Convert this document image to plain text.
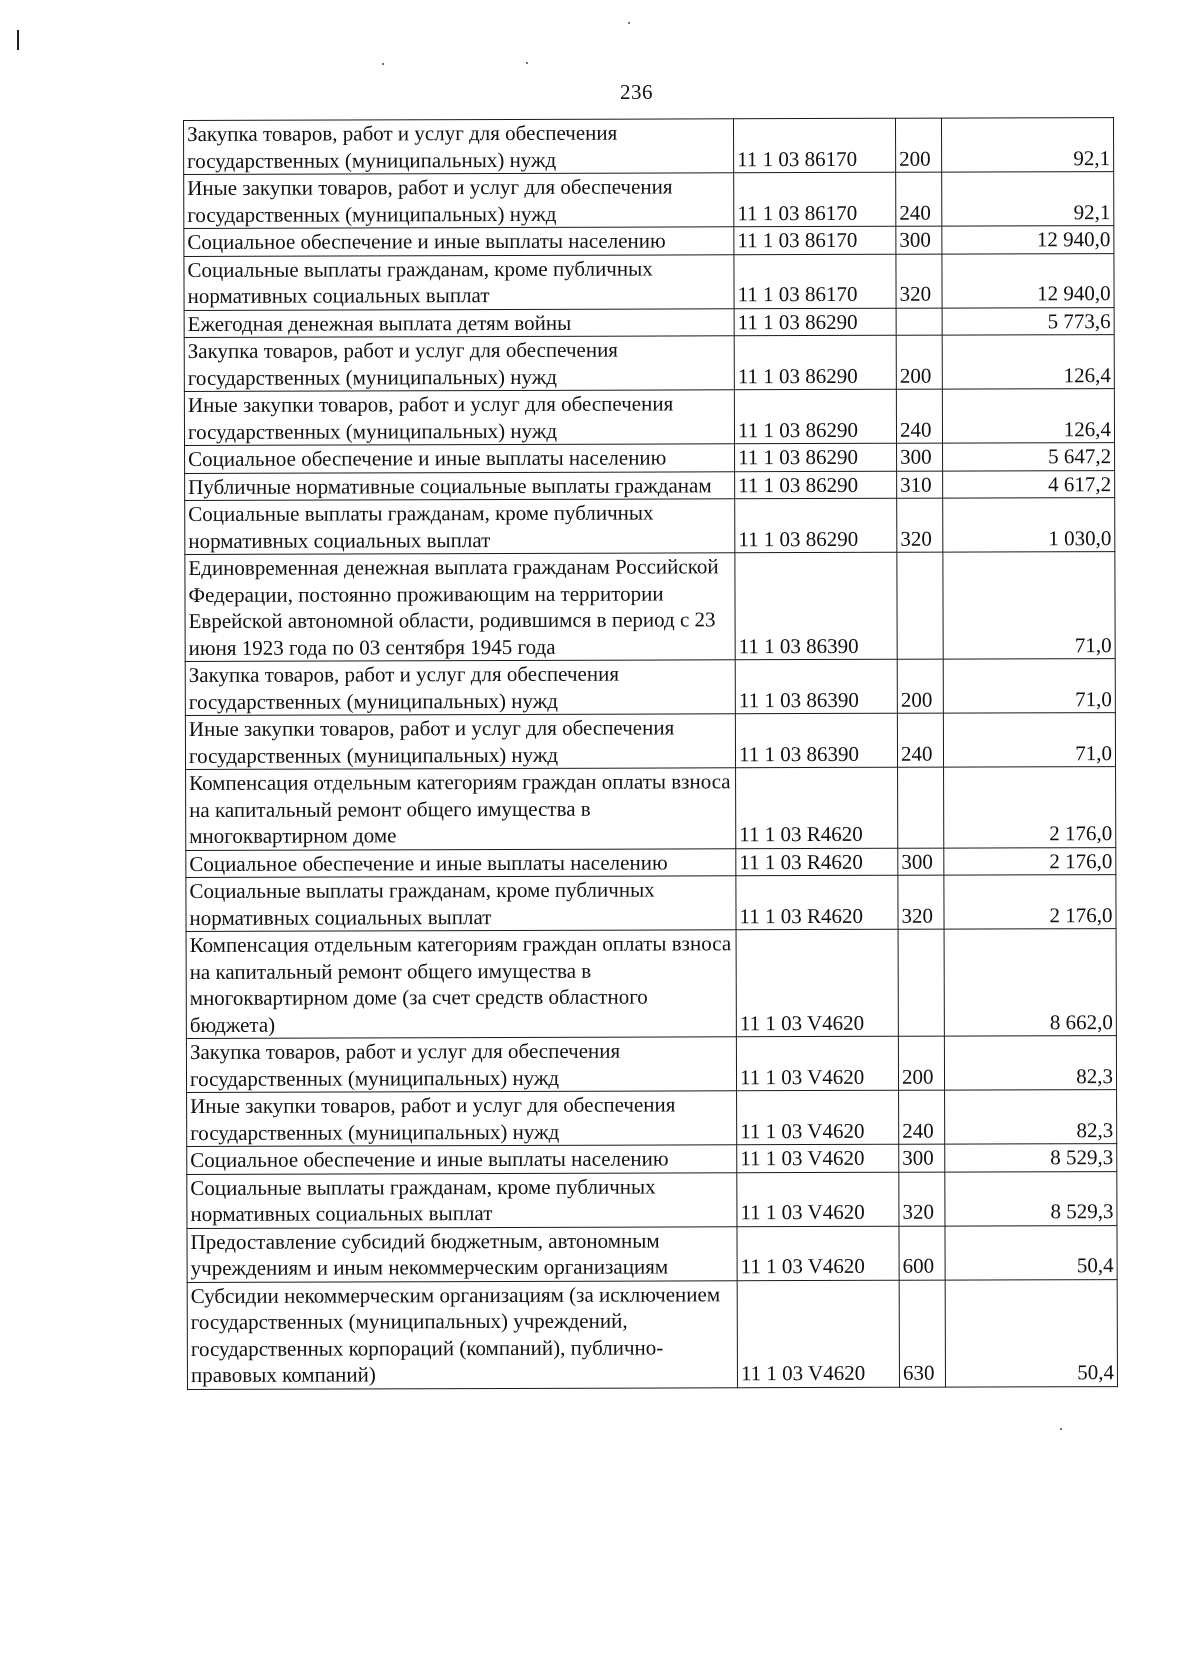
236
Закупка товаров, работ и услуг для обеспечения государственных (муниципальных) нужд	11 1 03 86170	200	92,1
Иные закупки товаров, работ и услуг для обеспечения государственных (муниципальных) нужд	11 1 03 86170	240	92,1
Социальное обеспечение и иные выплаты населению	11 1 03 86170	300	12 940,0
Социальные выплаты гражданам, кроме публичных нормативных социальных выплат	11 1 03 86170	320	12 940,0
Ежегодная денежная выплата детям войны	11 1 03 86290		5 773,6
Закупка товаров, работ и услуг для обеспечения государственных (муниципальных) нужд	11 1 03 86290	200	126,4
Иные закупки товаров, работ и услуг для обеспечения государственных (муниципальных) нужд	11 1 03 86290	240	126,4
Социальное обеспечение и иные выплаты населению	11 1 03 86290	300	5 647,2
Публичные нормативные социальные выплаты гражданам	11 1 03 86290	310	4 617,2
Социальные выплаты гражданам, кроме публичных нормативных социальных выплат	11 1 03 86290	320	1 030,0
Единовременная денежная выплата гражданам Российской Федерации, постоянно проживающим на территории Еврейской автономной области, родившимся в период с 23 июня 1923 года по 03 сентября 1945 года	11 1 03 86390		71,0
Закупка товаров, работ и услуг для обеспечения государственных (муниципальных) нужд	11 1 03 86390	200	71,0
Иные закупки товаров, работ и услуг для обеспечения государственных (муниципальных) нужд	11 1 03 86390	240	71,0
Компенсация отдельным категориям граждан оплаты взноса на капитальный ремонт общего имущества в многоквартирном доме	11 1 03 R4620		2 176,0
Социальное обеспечение и иные выплаты населению	11 1 03 R4620	300	2 176,0
Социальные выплаты гражданам, кроме публичных нормативных социальных выплат	11 1 03 R4620	320	2 176,0
Компенсация отдельным категориям граждан оплаты взноса на капитальный ремонт общего имущества в многоквартирном доме (за счет средств областного бюджета)	11 1 03 V4620		8 662,0
Закупка товаров, работ и услуг для обеспечения государственных (муниципальных) нужд	11 1 03 V4620	200	82,3
Иные закупки товаров, работ и услуг для обеспечения государственных (муниципальных) нужд	11 1 03 V4620	240	82,3
Социальное обеспечение и иные выплаты населению	11 1 03 V4620	300	8 529,3
Социальные выплаты гражданам, кроме публичных нормативных социальных выплат	11 1 03 V4620	320	8 529,3
Предоставление субсидий бюджетным, автономным учреждениям и иным некоммерческим организациям	11 1 03 V4620	600	50,4
Субсидии некоммерческим организациям (за исключением государственных (муниципальных) учреждений, государственных корпораций (компаний), публично-правовых компаний)	11 1 03 V4620	630	50,4
